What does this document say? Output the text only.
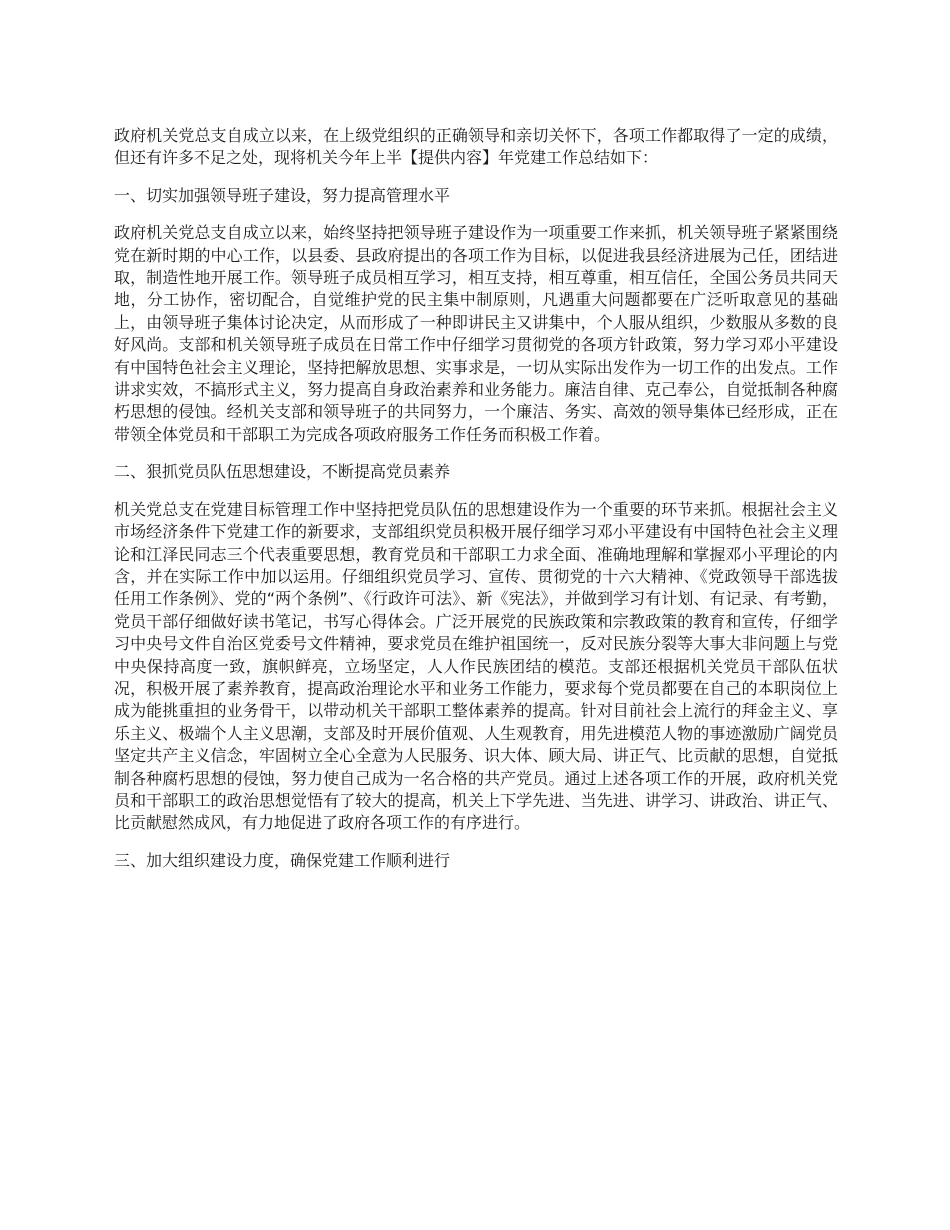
政府机关党总支自成立以来，在上级党组织的正确领导和亲切关怀下，各项工作都取得了一定的成绩，但还有许多不足之处，现将机关今年上半【提供内容】年党建工作总结如下：

一、切实加强领导班子建设，努力提高管理水平

政府机关党总支自成立以来，始终坚持把领导班子建设作为一项重要工作来抓，机关领导班子紧紧围绕党在新时期的中心工作，以县委、县政府提出的各项工作为目标，以促进我县经济进展为己任，团结进取，制造性地开展工作。领导班子成员相互学习，相互支持，相互尊重，相互信任，全国公务员共同天地，分工协作，密切配合，自觉维护党的民主集中制原则，凡遇重大问题都要在广泛听取意见的基础上，由领导班子集体讨论决定，从而形成了一种即讲民主又讲集中，个人服从组织，少数服从多数的良好风尚。支部和机关领导班子成员在日常工作中仔细学习贯彻党的各项方针政策，努力学习邓小平建设有中国特色社会主义理论，坚持把解放思想、实事求是，一切从实际出发作为一切工作的出发点。工作讲求实效，不搞形式主义，努力提高自身政治素养和业务能力。廉洁自律、克己奉公，自觉抵制各种腐朽思想的侵蚀。经机关支部和领导班子的共同努力，一个廉洁、务实、高效的领导集体已经形成，正在带领全体党员和干部职工为完成各项政府服务工作任务而积极工作着。

二、狠抓党员队伍思想建设，不断提高党员素养

机关党总支在党建目标管理工作中坚持把党员队伍的思想建设作为一个重要的环节来抓。根据社会主义市场经济条件下党建工作的新要求，支部组织党员积极开展仔细学习邓小平建设有中国特色社会主义理论和江泽民同志三个代表重要思想，教育党员和干部职工力求全面、准确地理解和掌握邓小平理论的内含，并在实际工作中加以运用。仔细组织党员学习、宣传、贯彻党的十六大精神、《党政领导干部选拔任用工作条例》、党的“两个条例”、《行政许可法》、新《宪法》，并做到学习有计划、有记录、有考勤，党员干部仔细做好读书笔记，书写心得体会。广泛开展党的民族政策和宗教政策的教育和宣传，仔细学习中央号文件自治区党委号文件精神，要求党员在维护祖国统一，反对民族分裂等大事大非问题上与党中央保持高度一致，旗帜鲜亮，立场坚定，人人作民族团结的模范。支部还根据机关党员干部队伍状况，积极开展了素养教育，提高政治理论水平和业务工作能力，要求每个党员都要在自己的本职岗位上成为能挑重担的业务骨干，以带动机关干部职工整体素养的提高。针对目前社会上流行的拜金主义、享乐主义、极端个人主义思潮，支部及时开展价值观、人生观教育，用先进模范人物的事迹激励广阔党员坚定共产主义信念，牢固树立全心全意为人民服务、识大体、顾大局、讲正气、比贡献的思想，自觉抵制各种腐朽思想的侵蚀，努力使自己成为一名合格的共产党员。通过上述各项工作的开展，政府机关党员和干部职工的政治思想觉悟有了较大的提高，机关上下学先进、当先进、讲学习、讲政治、讲正气、比贡献慰然成风，有力地促进了政府各项工作的有序进行。

三、加大组织建设力度，确保党建工作顺利进行
